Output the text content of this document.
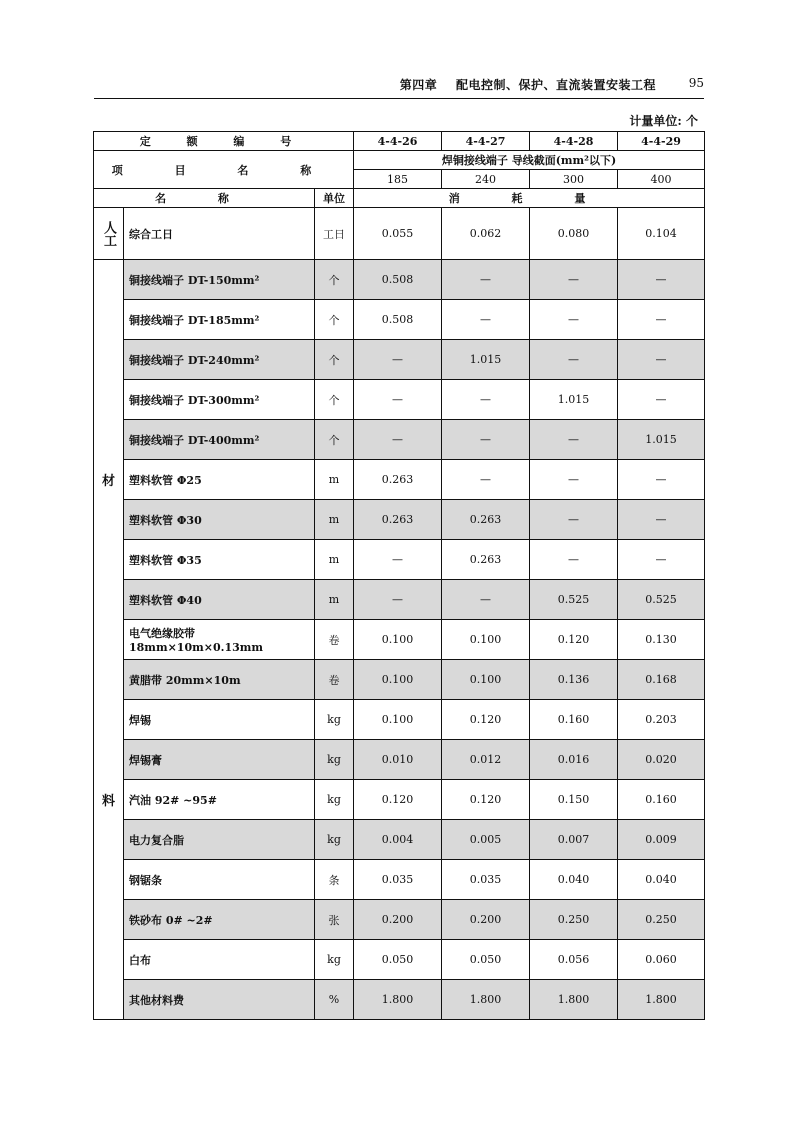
第四章 配电控制、保护、直流装置安装工程	95
计量单位: 个
定 额 编 号			4-4-26	4-4-27	4-4-28	4-4-29
项 目 名 称			焊铜接线端子 导线截面(mm²以下)			
			185	240	300	400
名 称		单位	消 耗 量			
人工	综合工日	工日	0.055	0.062	0.080	0.104

材
料	铜接线端子 DT-150mm²	个	0.508	—	—	—
	铜接线端子 DT-185mm²	个	0.508	—	—	—
	铜接线端子 DT-240mm²	个	—	1.015	—	—
	铜接线端子 DT-300mm²	个	—	—	1.015	—
	铜接线端子 DT-400mm²	个	—	—	—	1.015
	塑料软管 Φ25	m	0.263	—	—	—
	塑料软管 Φ30	m	0.263	0.263	—	—
	塑料软管 Φ35	m	—	0.263	—	—
	塑料软管 Φ40	m	—	—	0.525	0.525
	电气绝缘胶带 18mm×10m×0.13mm	卷	0.100	0.100	0.120	0.130
	黄腊带 20mm×10m	卷	0.100	0.100	0.136	0.168
	焊锡	kg	0.100	0.120	0.160	0.203
	焊锡膏	kg	0.010	0.012	0.016	0.020
	汽油 92# ~95#	kg	0.120	0.120	0.150	0.160
	电力复合脂	kg	0.004	0.005	0.007	0.009
	钢锯条	条	0.035	0.035	0.040	0.040
	铁砂布 0# ~2#	张	0.200	0.200	0.250	0.250
	白布	kg	0.050	0.050	0.056	0.060
	其他材料费	%	1.800	1.800	1.800	1.800
